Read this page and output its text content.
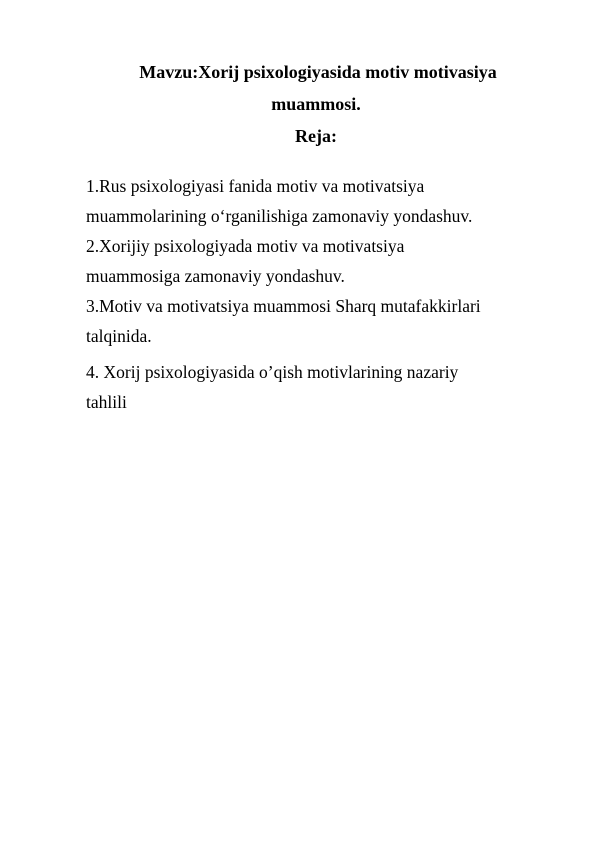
Mavzu:Xorij psixologiyasida motiv motivasiya
muammosi.
Reja:
1.Rus psixologiyasi fanida motiv va motivatsiya
muammolarining o‘rganilishiga zamonaviy yondashuv.
2.Xorijiy psixologiyada motiv va motivatsiya
muammosiga zamonaviy yondashuv.
3.Motiv va motivatsiya muammosi Sharq mutafakkirlari
talqinida.
4. Xorij psixologiyasida o’qish motivlarining nazariy
tahlili
